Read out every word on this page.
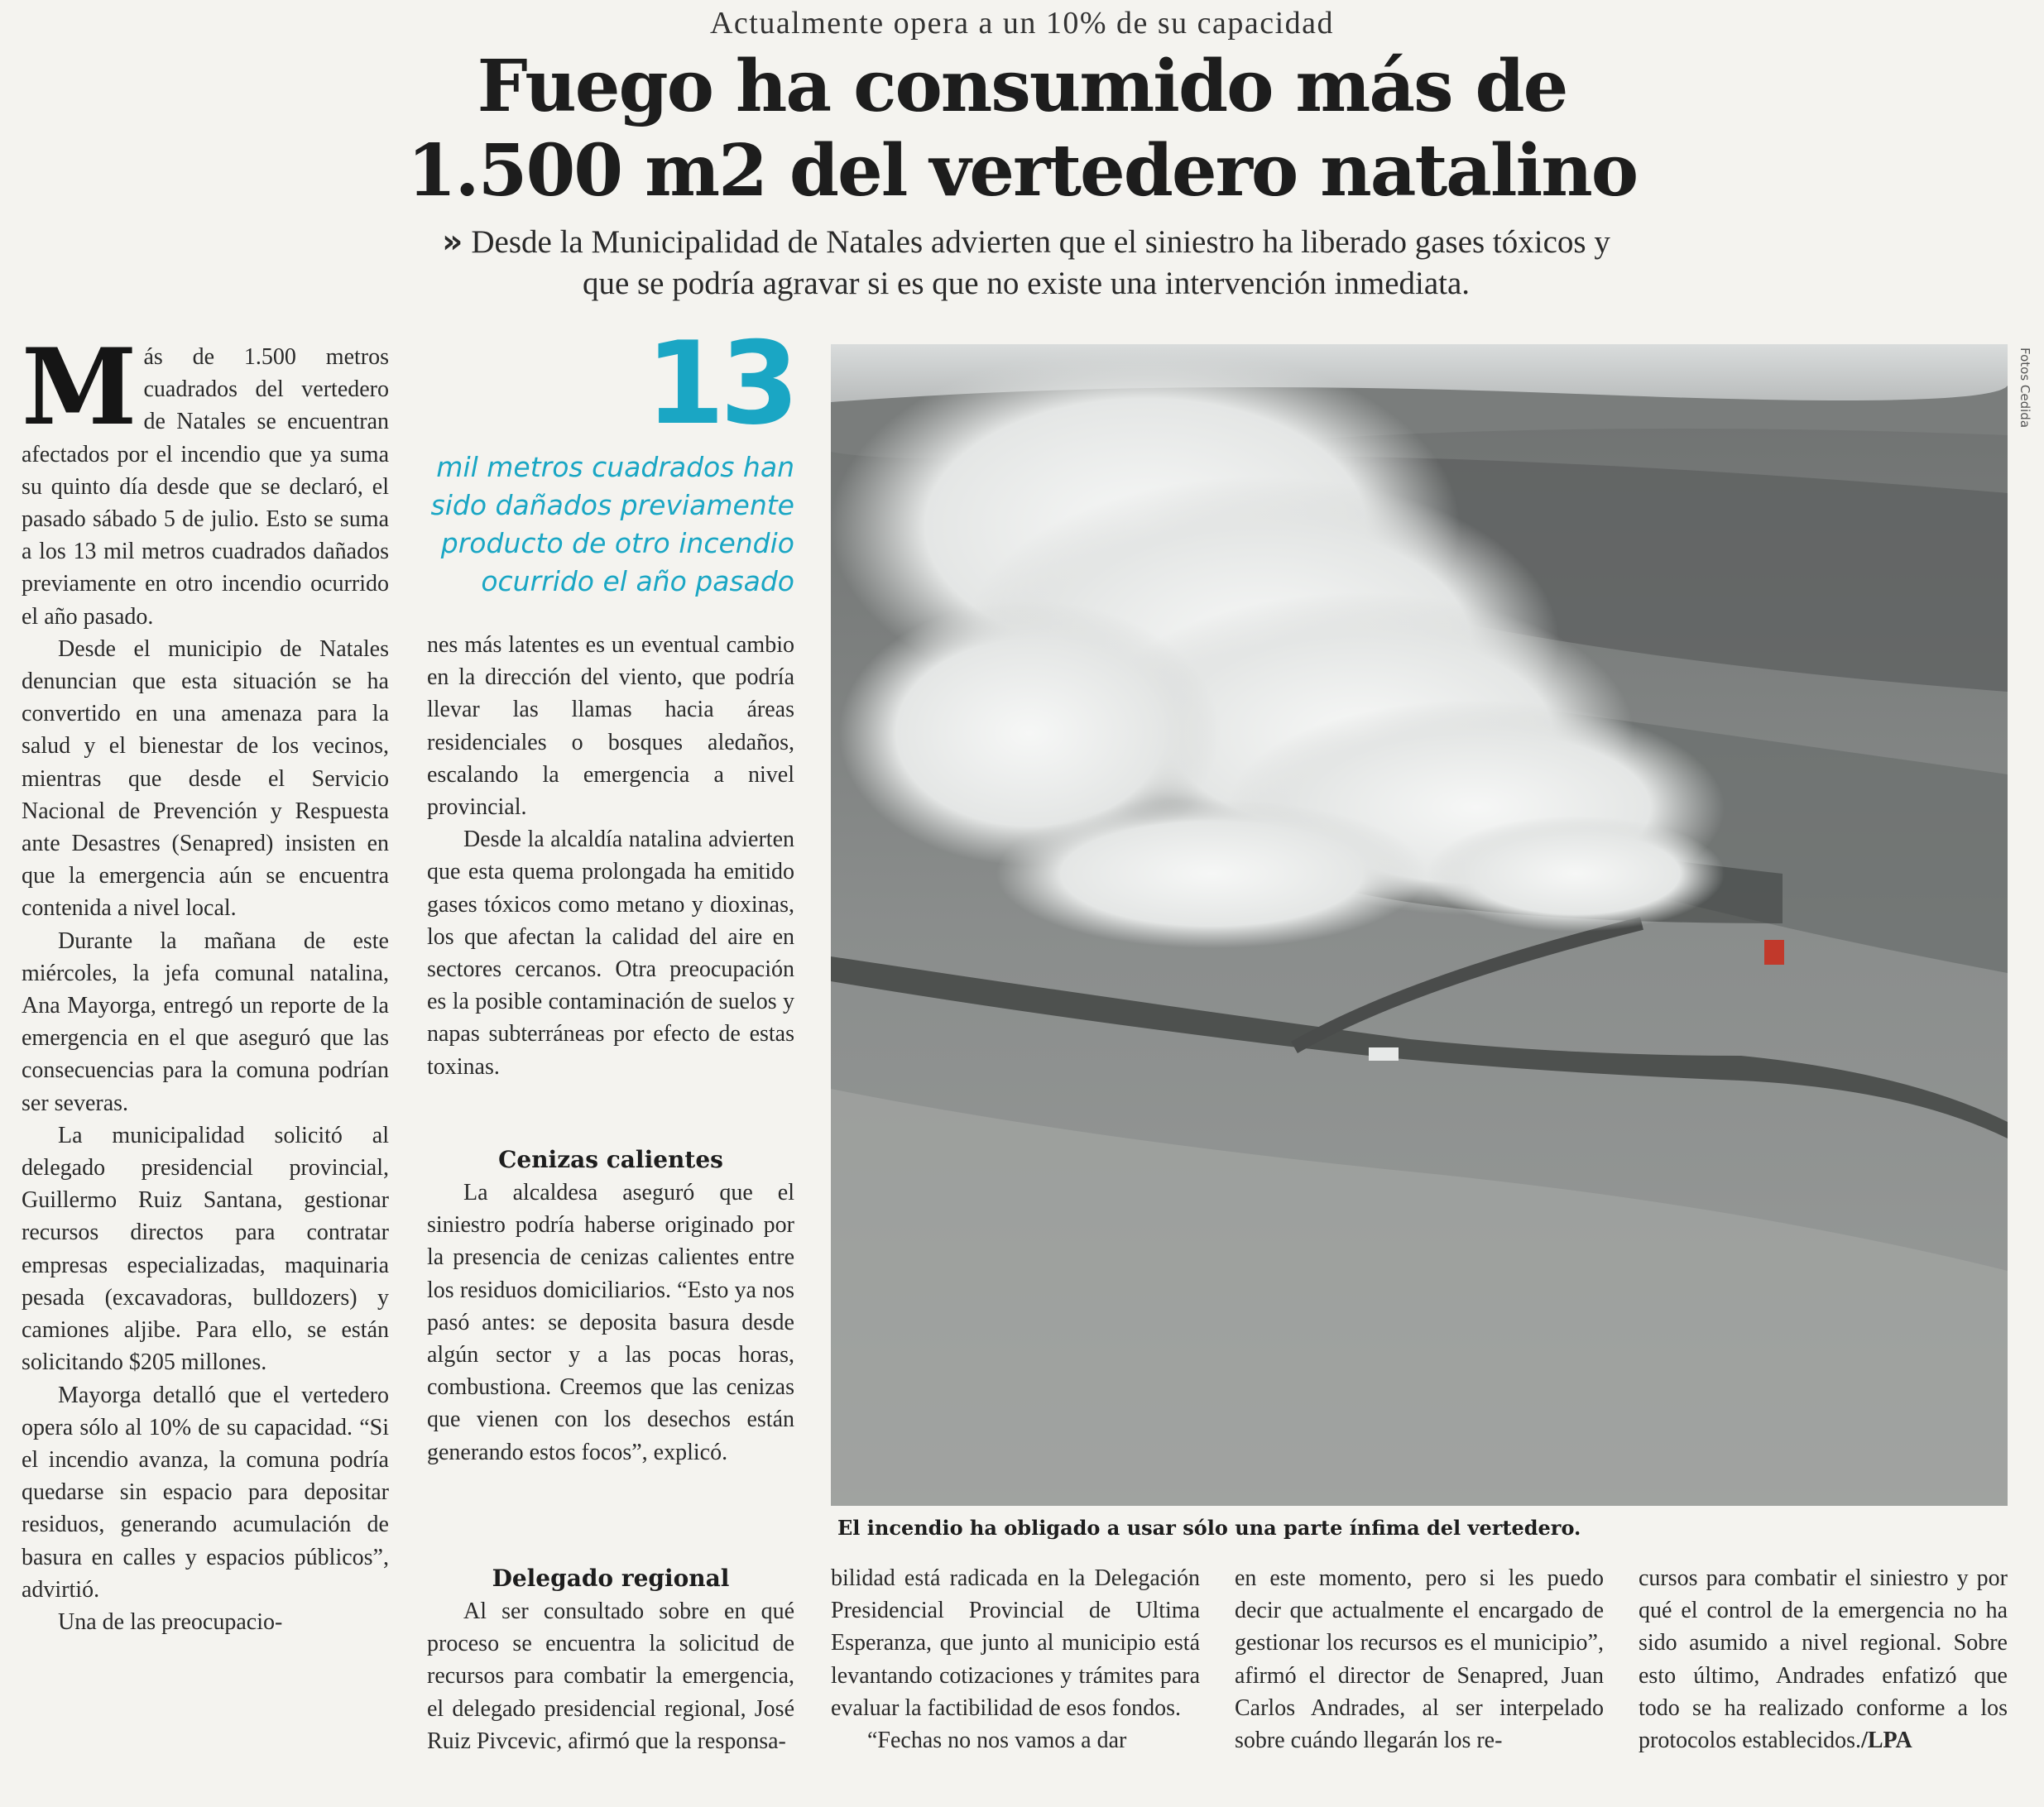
Actualmente opera a un 10% de su capacidad
Fuego ha consumido más de
1.500 m2 del vertedero natalino
» Desde la Municipalidad de Natales advierten que el siniestro ha liberado gases tóxicos y que se podría agravar si es que no existe una intervención inmediata.

Más de 1.500 metros cuadrados del vertedero de Natales se encuentran afectados por el incendio que ya suma su quinto día desde que se declaró, el pasado sábado 5 de julio. Esto se suma a los 13 mil metros cuadrados dañados previamente en otro incendio ocurrido el año pasado.

Desde el municipio de Natales denuncian que esta situación se ha convertido en una amenaza para la salud y el bienestar de los vecinos, mientras que desde el Servicio Nacional de Prevención y Respuesta ante Desastres (Senapred) insisten en que la emergencia aún se encuentra contenida a nivel local.

Durante la mañana de este miércoles, la jefa comunal natalina, Ana Mayorga, entregó un reporte de la emergencia en el que aseguró que las consecuencias para la comuna podrían ser severas.

La municipalidad solicitó al delegado presidencial provincial, Guillermo Ruiz Santana, gestionar recursos directos para contratar empresas especializadas, maquinaria pesada (excavadoras, bulldozers) y camiones aljibe. Para ello, se están solicitando $205 millones.

Mayorga detalló que el vertedero opera sólo al 10% de su capacidad. “Si el incendio avanza, la comuna podría quedarse sin espacio para depositar residuos, generando acumulación de basura en calles y espacios públicos”, advirtió.

Una de las preocupacio-

13
mil metros cuadrados han sido dañados previamente producto de otro incendio ocurrido el año pasado

nes más latentes es un eventual cambio en la dirección del viento, que podría llevar las llamas hacia áreas residenciales o bosques aledaños, escalando la emergencia a nivel provincial.

Desde la alcaldía natalina advierten que esta quema prolongada ha emitido gases tóxicos como metano y dioxinas, los que afectan la calidad del aire en sectores cercanos. Otra preocupación es la posible contaminación de suelos y napas subterráneas por efecto de estas toxinas.

Cenizas calientes

La alcaldesa aseguró que el siniestro podría haberse originado por la presencia de cenizas calientes entre los residuos domiciliarios. “Esto ya nos pasó antes: se deposita basura desde algún sector y a las pocas horas, combustiona. Creemos que las cenizas que vienen con los desechos están generando estos focos”, explicó.

Delegado regional

Al ser consultado sobre en qué proceso se encuentra la solicitud de recursos para combatir la emergencia, el delegado presidencial regional, José Ruiz Pivcevic, afirmó que la responsa-

Fotos Cedida
El incendio ha obligado a usar sólo una parte ínfima del vertedero.

bilidad está radicada en la Delegación Presidencial Provincial de Ultima Esperanza, que junto al municipio está levantando cotizaciones y trámites para evaluar la factibilidad de esos fondos.

“Fechas no nos vamos a dar

en este momento, pero si les puedo decir que actualmente el encargado de gestionar los recursos es el municipio”, afirmó el director de Senapred, Juan Carlos Andrades, al ser interpelado sobre cuándo llegarán los re-

cursos para combatir el siniestro y por qué el control de la emergencia no ha sido asumido a nivel regional. Sobre esto último, Andrades enfatizó que todo se ha realizado conforme a los protocolos establecidos./LPA
